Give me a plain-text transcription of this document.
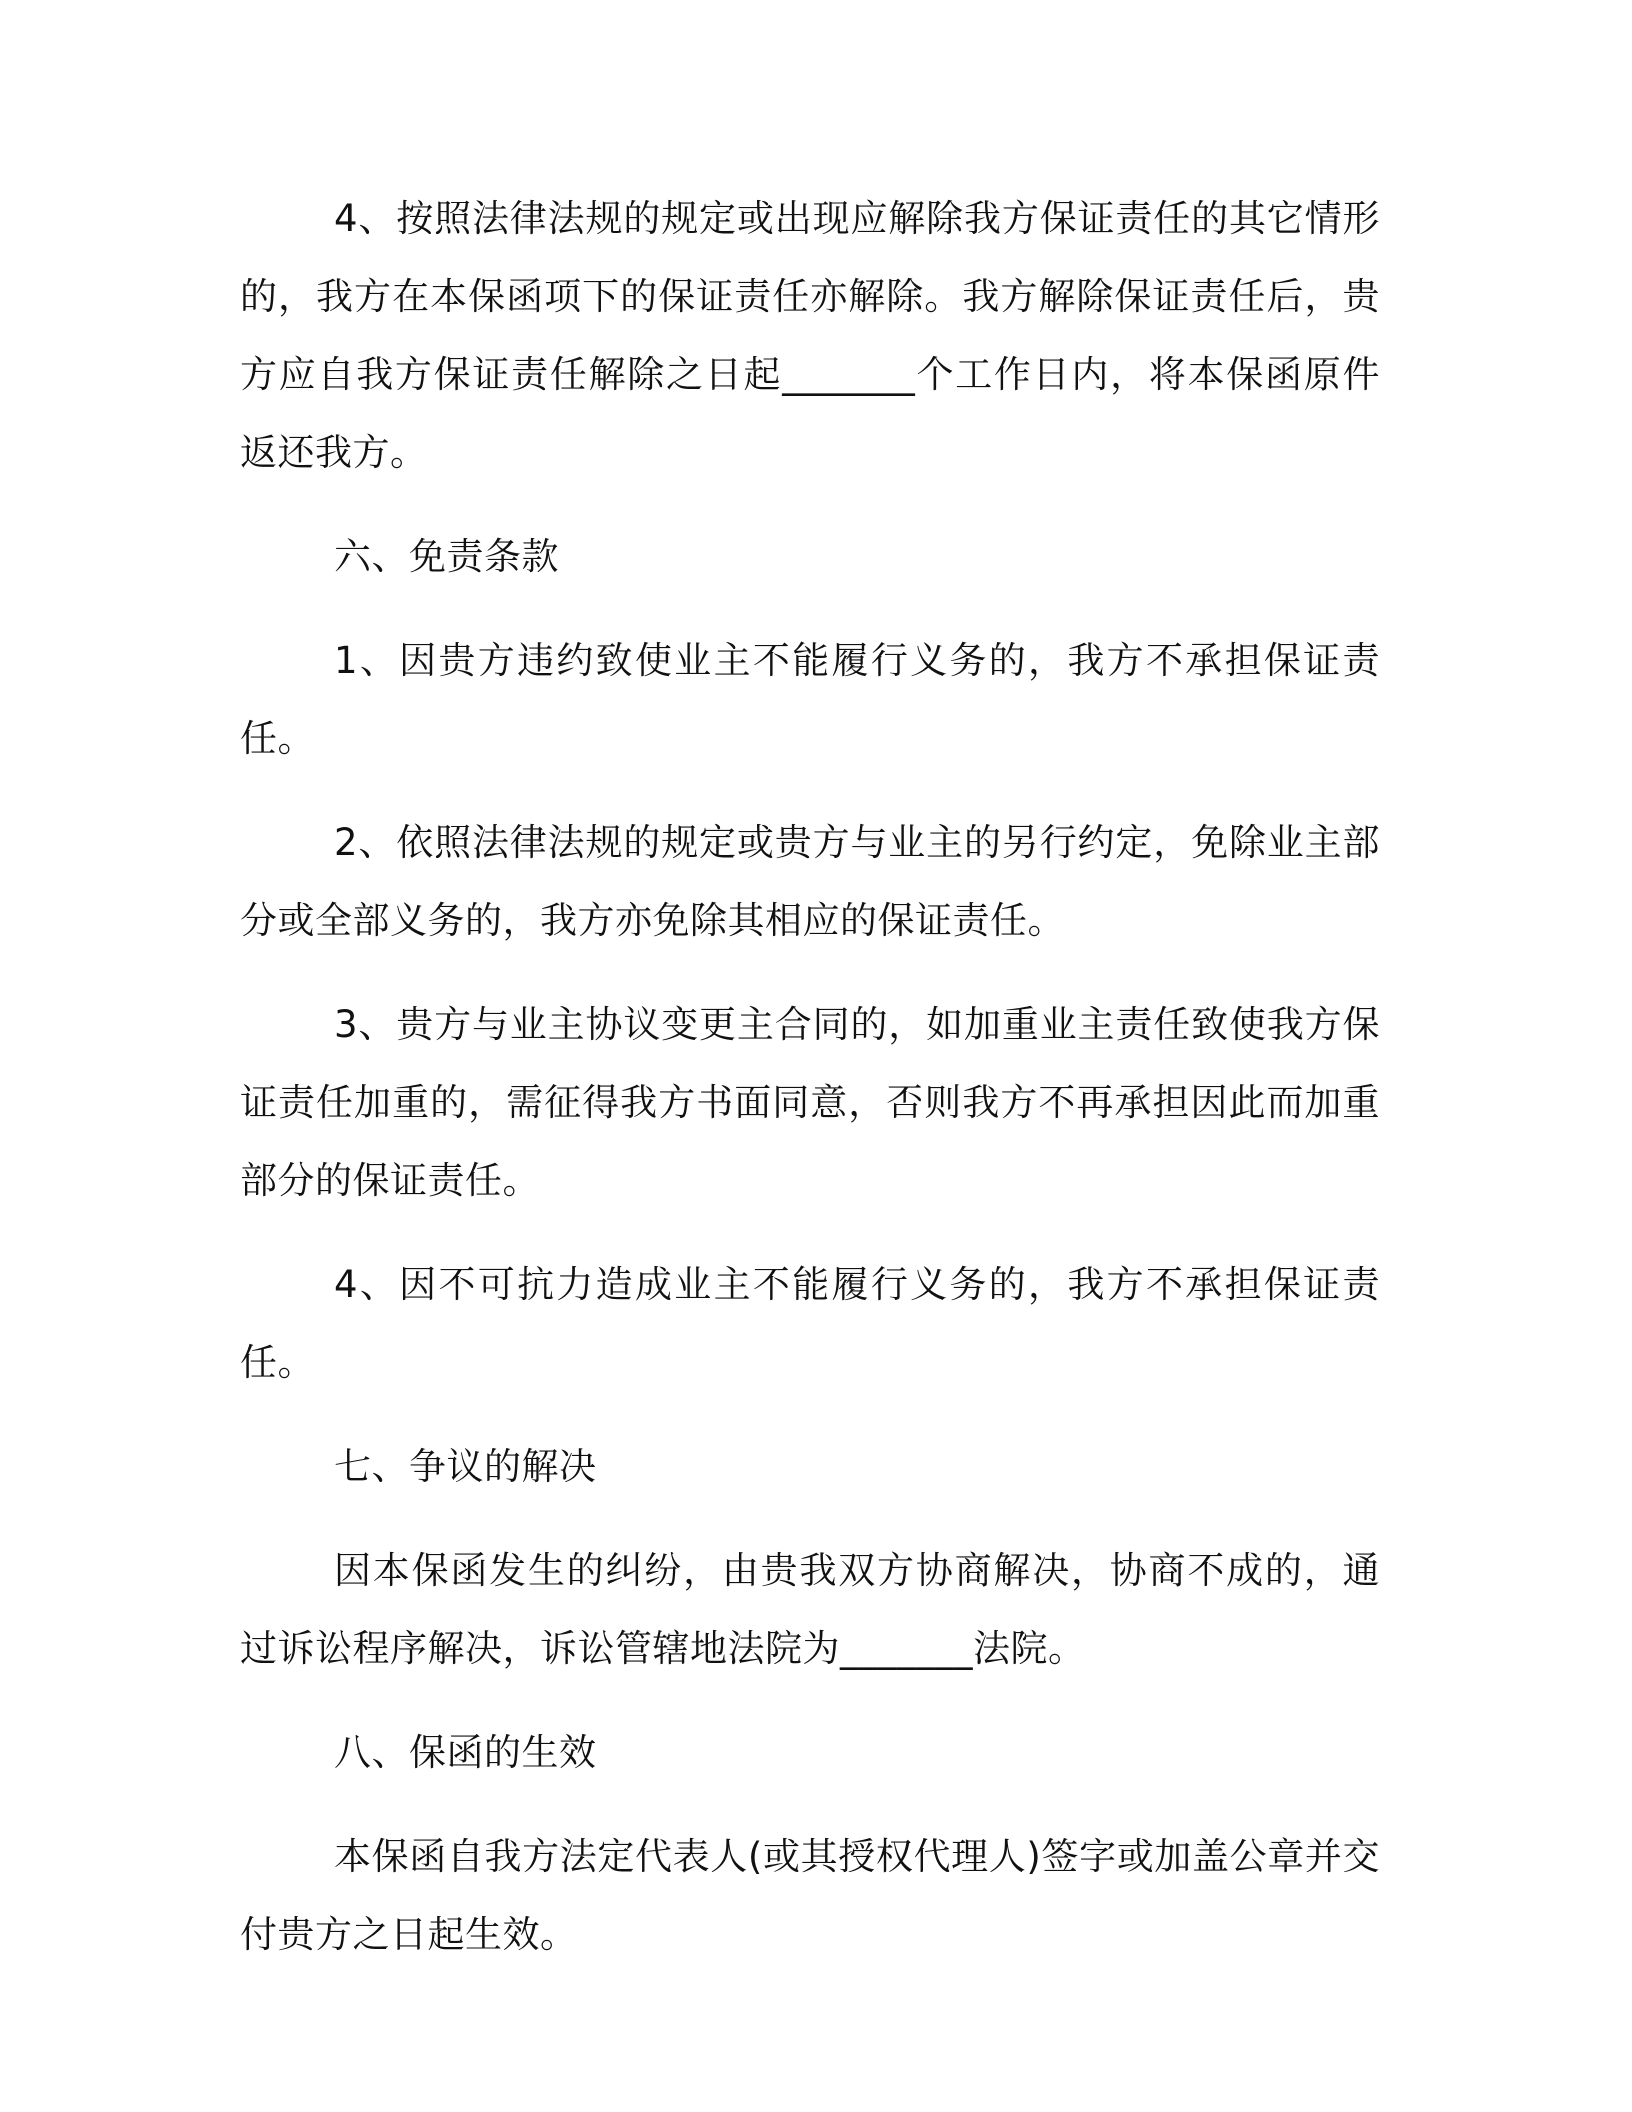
4、按照法律法规的规定或出现应解除我方保证责任的其它情形的，我方在本保函项下的保证责任亦解除。我方解除保证责任后，贵方应自我方保证责任解除之日起_______个工作日内，将本保函原件返还我方。

六、免责条款

1、因贵方违约致使业主不能履行义务的，我方不承担保证责任。

2、依照法律法规的规定或贵方与业主的另行约定，免除业主部分或全部义务的，我方亦免除其相应的保证责任。

3、贵方与业主协议变更主合同的，如加重业主责任致使我方保证责任加重的，需征得我方书面同意，否则我方不再承担因此而加重部分的保证责任。

4、因不可抗力造成业主不能履行义务的，我方不承担保证责任。

七、争议的解决

因本保函发生的纠纷，由贵我双方协商解决，协商不成的，通过诉讼程序解决，诉讼管辖地法院为_______法院。

八、保函的生效

本保函自我方法定代表人(或其授权代理人)签字或加盖公章并交付贵方之日起生效。
